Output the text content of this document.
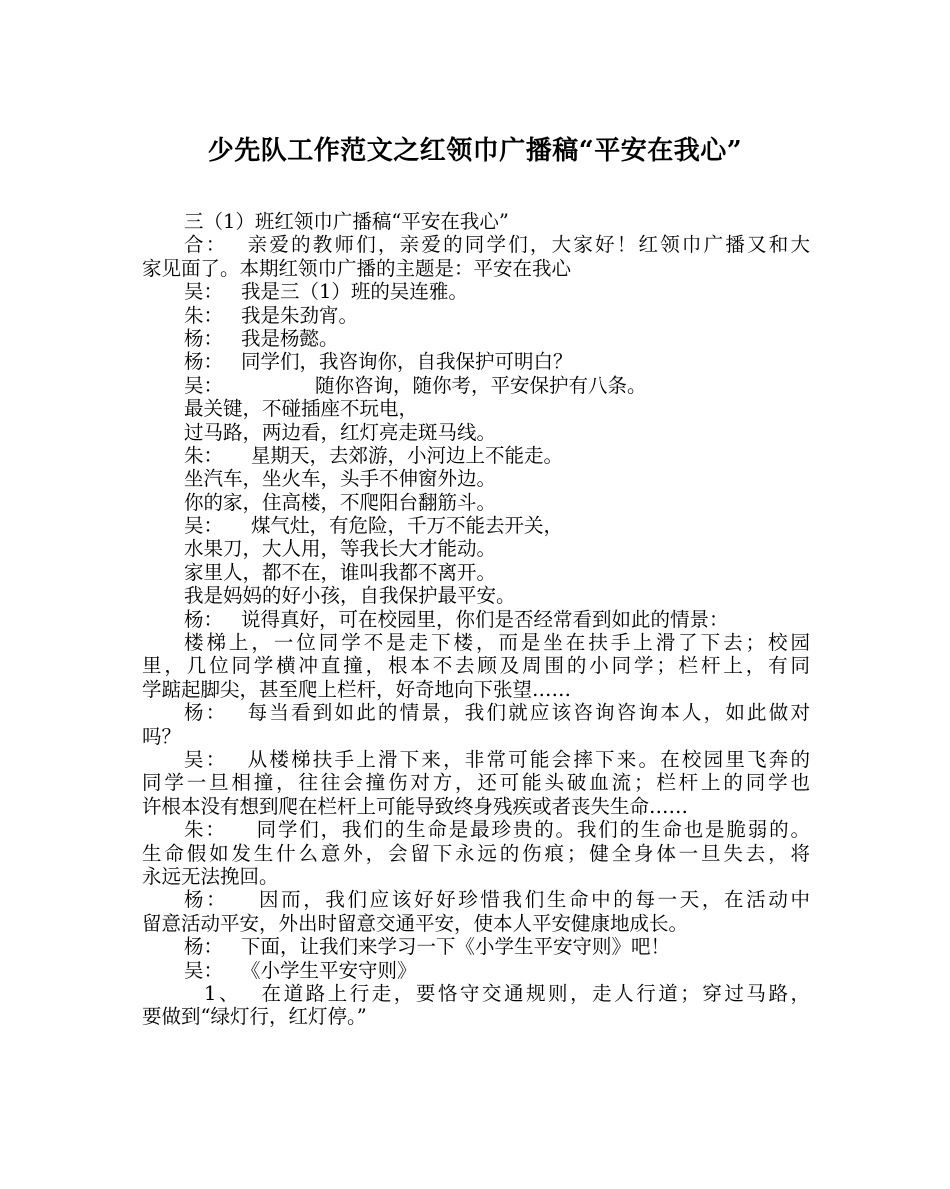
少先队工作范文之红领巾广播稿“平安在我心”
三（1）班红领巾广播稿“平安在我心”
合： 亲爱的教师们，亲爱的同学们，大家好！红领巾广播又和大
家见面了。本期红领巾广播的主题是：平安在我心
吴： 我是三（1）班的吴连雅。
朱： 我是朱劲宵。
杨： 我是杨懿。
杨： 同学们，我咨询你，自我保护可明白？
吴：	随你咨询，随你考，平安保护有八条。
最关键，不碰插座不玩电，
过马路，两边看，红灯亮走斑马线。
朱： 星期天，去郊游，小河边上不能走。
坐汽车，坐火车，头手不伸窗外边。
你的家，住高楼，不爬阳台翻筋斗。
吴： 煤气灶，有危险，千万不能去开关，
水果刀，大人用，等我长大才能动。
家里人，都不在，谁叫我都不离开。
我是妈妈的好小孩，自我保护最平安。
杨： 说得真好，可在校园里，你们是否经常看到如此的情景：
楼梯上，一位同学不是走下楼，而是坐在扶手上滑了下去；校园
里，几位同学横冲直撞，根本不去顾及周围的小同学；栏杆上，有同
学踮起脚尖，甚至爬上栏杆，好奇地向下张望……
杨： 每当看到如此的情景，我们就应该咨询咨询本人，如此做对
吗？
吴： 从楼梯扶手上滑下来，非常可能会摔下来。在校园里飞奔的
同学一旦相撞，往往会撞伤对方，还可能头破血流；栏杆上的同学也
许根本没有想到爬在栏杆上可能导致终身残疾或者丧失生命……
朱： 同学们，我们的生命是最珍贵的。我们的生命也是脆弱的。
生命假如发生什么意外，会留下永远的伤痕；健全身体一旦失去，将
永远无法挽回。
杨： 因而，我们应该好好珍惜我们生命中的每一天，在活动中
留意活动平安，外出时留意交通平安，使本人平安健康地成长。
杨： 下面，让我们来学习一下《小学生平安守则》吧！
吴： 《小学生平安守则》
1、 在道路上行走，要恪守交通规则，走人行道；穿过马路，
要做到“绿灯行，红灯停。”
